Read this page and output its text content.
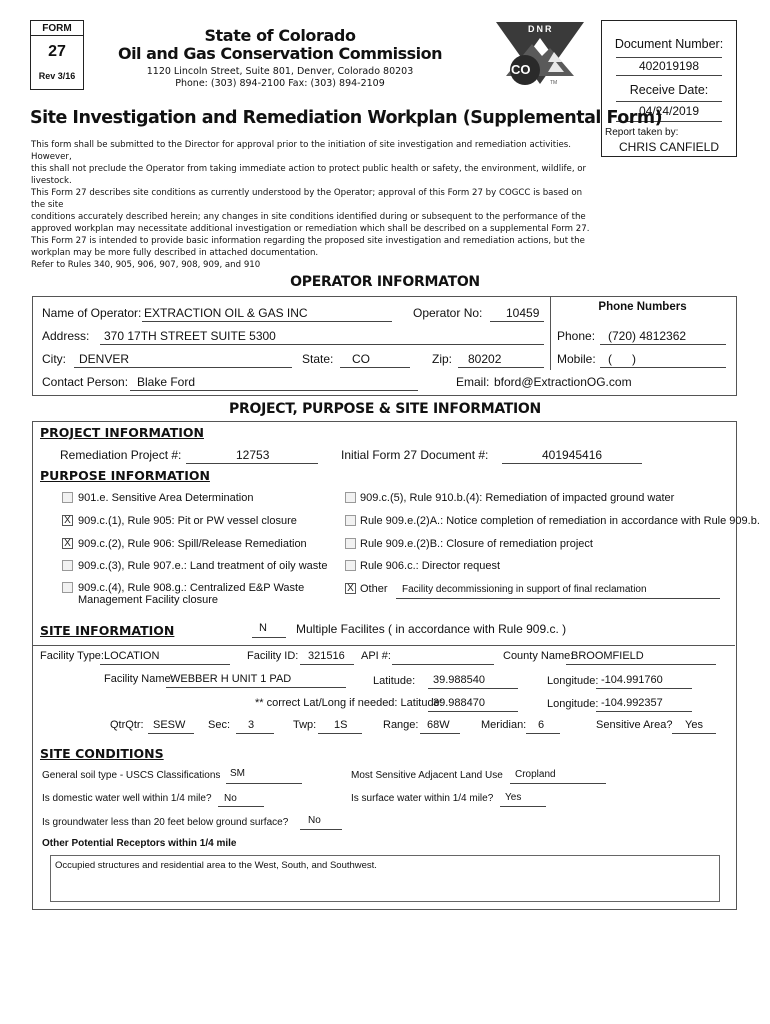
FORM
27
Rev 3/16
State of Colorado
Oil and Gas Conservation Commission
1120 Lincoln Street, Suite 801, Denver, Colorado 80203
Phone: (303) 894-2100 Fax: (303) 894-2109
DNR
CO
TM
Document Number:
402019198
Receive Date:
04/24/2019
Report taken by:
CHRIS CANFIELD
Site Investigation and Remediation Workplan (Supplemental Form)
This form shall be submitted to the Director for approval prior to the initiation of site investigation and remediation activities. However,
this shall not preclude the Operator from taking immediate action to protect public health or safety, the environment, wildlife, or
livestock.
This Form 27 describes site conditions as currently understood by the Operator; approval of this Form 27 by COGCC is based on the site
conditions accurately described herein; any changes in site conditions identified during or subsequent to the performance of the
approved workplan may necessitate additional investigation or remediation which shall be described on a supplemental Form 27.
This Form 27 is intended to provide basic information regarding the proposed site investigation and remediation actions, but the
workplan may be more fully described in attached documentation.
Refer to Rules 340, 905, 906, 907, 908, 909, and 910
OPERATOR INFORMATON
Name of Operator: EXTRACTION OIL & GAS INC	Operator No: 10459	Phone Numbers
Address: 370 17TH STREET SUITE 5300	Phone: (720) 4812362
City: DENVER	State: CO	Zip: 80202	Mobile: (      )
Contact Person: Blake Ford	Email: bford@ExtractionOG.com
PROJECT, PURPOSE & SITE INFORMATION
PROJECT INFORMATION
Remediation Project #:	12753	Initial Form 27 Document #:	401945416
PURPOSE INFORMATION
901.e. Sensitive Area Determination
X 909.c.(1), Rule 905: Pit or PW vessel closure
X 909.c.(2), Rule 906: Spill/Release Remediation
909.c.(3), Rule 907.e.: Land treatment of oily waste
909.c.(4), Rule 908.g.: Centralized E&P Waste
Management Facility closure
909.c.(5), Rule 910.b.(4): Remediation of impacted ground water
Rule 909.e.(2)A.: Notice completion of remediation in accordance with Rule 909.b.
Rule 909.e.(2)B.: Closure of remediation project
Rule 906.c.: Director request
X Other Facility decommissioning in support of final reclamation
SITE INFORMATION	N Multiple Facilites ( in accordance with Rule 909.c. )
Facility Type: LOCATION	Facility ID: 321516 API #:	County Name:
BROOMFIELD
Facility Name:
WEBBER H UNIT 1 PAD	Latitude: 39.988540	Longitude: -104.991760
** correct Lat/Long if needed: Latitude:
39.988470	Longitude: -104.992357
QtrQtr: SESW Sec: 3	Twp: 1S	Range: 68W	Meridian: 6	Sensitive Area? Yes
SITE CONDITIONS
General soil type - USCS Classifications SM	Most Sensitive Adjacent Land Use Cropland
Is domestic water well within 1/4 mile? No	Is surface water within 1/4 mile? Yes
Is groundwater less than 20 feet below ground surface? No
Other Potential Receptors within 1/4 mile
Occupied structures and residential area to the West, South, and Southwest.
